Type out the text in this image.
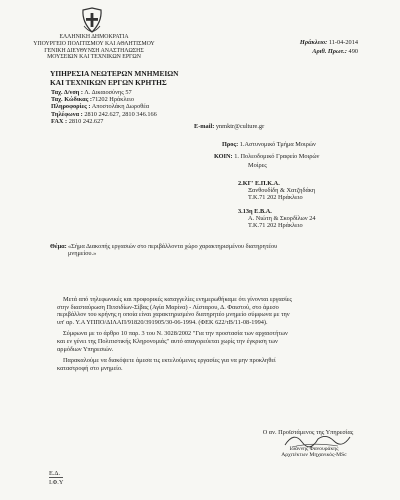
ΕΛΛΗΝΙΚΗ ΔΗΜΟΚΡΑΤΙΑ
ΥΠΟΥΡΓΕΙΟ ΠΟΛΙΤΙΣΜΟΥ ΚΑΙ ΑΘΛΗΤΙΣΜΟΥ
ΓΕΝΙΚΗ ΔΙΕΥΘΥΝΣΗ ΑΝΑΣΤΗΛΩΣΗΣ
ΜΟΥΣΕΙΩΝ ΚΑΙ ΤΕΧΝΙΚΩΝ ΕΡΓΩΝ
ΥΠΗΡΕΣΙΑ ΝΕΩΤΕΡΩΝ ΜΝΗΜΕΙΩΝ
ΚΑΙ ΤΕΧΝΙΚΩΝ ΕΡΓΩΝ ΚΡΗΤΗΣ
Ταχ. Δ/νση : Λ. Δικαιοσύνης 57
Ταχ. Κώδικας :71202 Ηράκλειο
Πληροφορίες : Αποστολάκη Δωροθέα
Τηλέφωνα : 2810 242.627, 2810 346.166
FAX : 2810 242.627
E-mail: ynmktr@culture.gr
Ηράκλειο: 11-04-2014
Αριθ. Πρωτ.: 490
Προς: 1.Αστυνομικό Τμήμα Μοιρών
ΚΟΙΝ: 1. Πολεοδομικό Γραφείο Μοιρών
Μοίρες
2.ΚΓ' Ε.Π.Κ.Α.
Ξανθουδίδη & Χατζηδάκη
Τ.Κ.71 202 Ηράκλειο
3.13η Ε.Β.Α.
Α. Νιώτη & Σκορδίλων 24
Τ.Κ.71 202 Ηράκλειο
Θέμα: «Σήμα Διακοπής εργασιών στο περιβάλλοντα χώρο χαρακτηρισμένου διατηρητέου
μνημείου.»

Μετά από τηλεφωνικές και προφορικές καταγγελίες ενημερωθήκαμε ότι γίνονται εργασίες

στην διασταύρωση Πιτσιδίων-Σίβας (Αγία Μαρίνα) - Λίσταρου, Δ. Φαιστού, στο άμεσο

περιβάλλον του κρήνης η οποία είναι χαρακτηρισμένο διατηρητέο μνημείο σύμφωνα με την

υπ' αρ. Υ.Α ΥΠΠΟ/ΔΙΛΑΠ/91820/391905/30-06-1994. (ΦΕΚ 622/τΒ/11-08-1994).

Σύμφωνα με το άρθρο 10 παρ. 3 του Ν. 3028/2002 "Για την προστασία των αρχαιοτήτων

και εν γένει της Πολιτιστικής Κληρονομιάς" αυτό απαγορεύεται χωρίς την έγκριση των

αρμόδιων Υπηρεσιών.

Παρακαλούμε να διακόψετε άμεσα τις εκτελούμενες εργασίες για να μην προκληθεί

καταστροφή στο μνημείο.

Ο αν. Προϊστάμενος της Υπηρεσίας
Ιωάννης Φανουράκης
Αρχιτέκτων Μηχανικός-MSc
Ε.Δ.
Ι.Φ.Υ
